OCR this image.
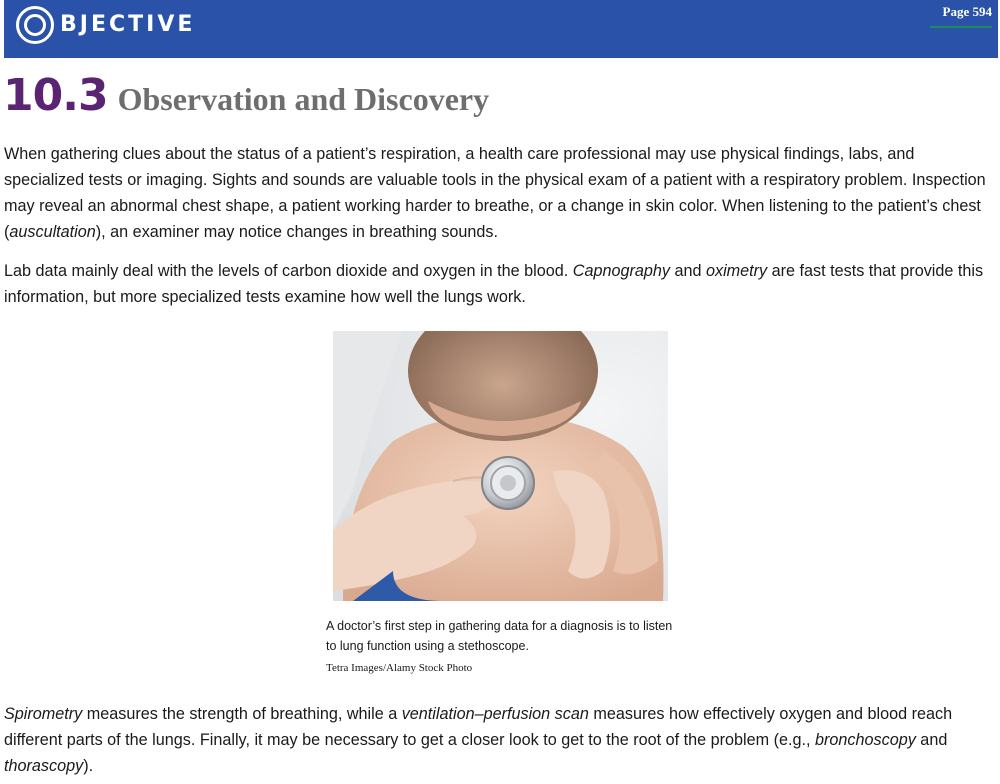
BJECTIVE
Page 594
10.3 Observation and Discovery

When gathering clues about the status of a patient’s respiration, a health care professional may use physical findings, labs, and specialized tests or imaging. Sights and sounds are valuable tools in the physical exam of a patient with a respiratory problem. Inspection may reveal an abnormal chest shape, a patient working harder to breathe, or a change in skin color. When listening to the patient’s chest (auscultation), an examiner may notice changes in breathing sounds.

Lab data mainly deal with the levels of carbon dioxide and oxygen in the blood. Capnography and oximetry are fast tests that provide this information, but more specialized tests examine how well the lungs work.

A doctor’s first step in gathering data for a diagnosis is to listen to lung function using a stethoscope.
Tetra Images/Alamy Stock Photo

Spirometry measures the strength of breathing, while a ventilation–perfusion scan measures how effectively oxygen and blood reach different parts of the lungs. Finally, it may be necessary to get a closer look to get to the root of the problem (e.g., bronchoscopy and thorascopy).
